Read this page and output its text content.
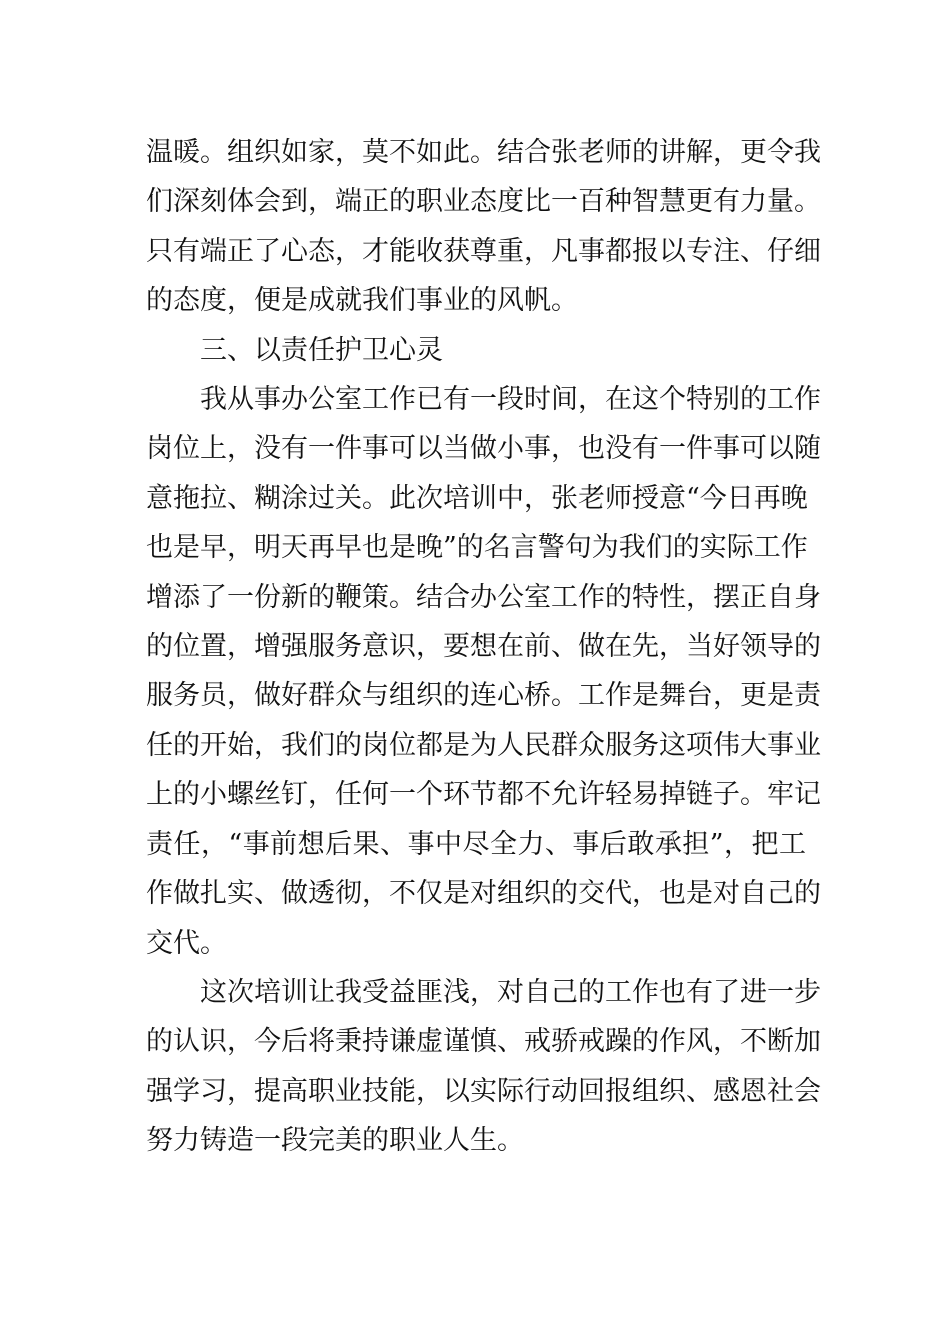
温暖。组织如家，莫不如此。结合张老师的讲解，更令我
们深刻体会到，端正的职业态度比一百种智慧更有力量。
只有端正了心态，才能收获尊重，凡事都报以专注、仔细
的态度，便是成就我们事业的风帆。
三、以责任护卫心灵
我从事办公室工作已有一段时间，在这个特别的工作
岗位上，没有一件事可以当做小事，也没有一件事可以随
意拖拉、糊涂过关。此次培训中，张老师授意“今日再晚
也是早，明天再早也是晚”的名言警句为我们的实际工作
增添了一份新的鞭策。结合办公室工作的特性，摆正自身
的位置，增强服务意识，要想在前、做在先，当好领导的
服务员，做好群众与组织的连心桥。工作是舞台，更是责
任的开始，我们的岗位都是为人民群众服务这项伟大事业
上的小螺丝钉，任何一个环节都不允许轻易掉链子。牢记
责任，“事前想后果、事中尽全力、事后敢承担”，把工
作做扎实、做透彻，不仅是对组织的交代，也是对自己的
交代。
这次培训让我受益匪浅，对自己的工作也有了进一步
的认识，今后将秉持谦虚谨慎、戒骄戒躁的作风，不断加
强学习，提高职业技能，以实际行动回报组织、感恩社会
努力铸造一段完美的职业人生。
